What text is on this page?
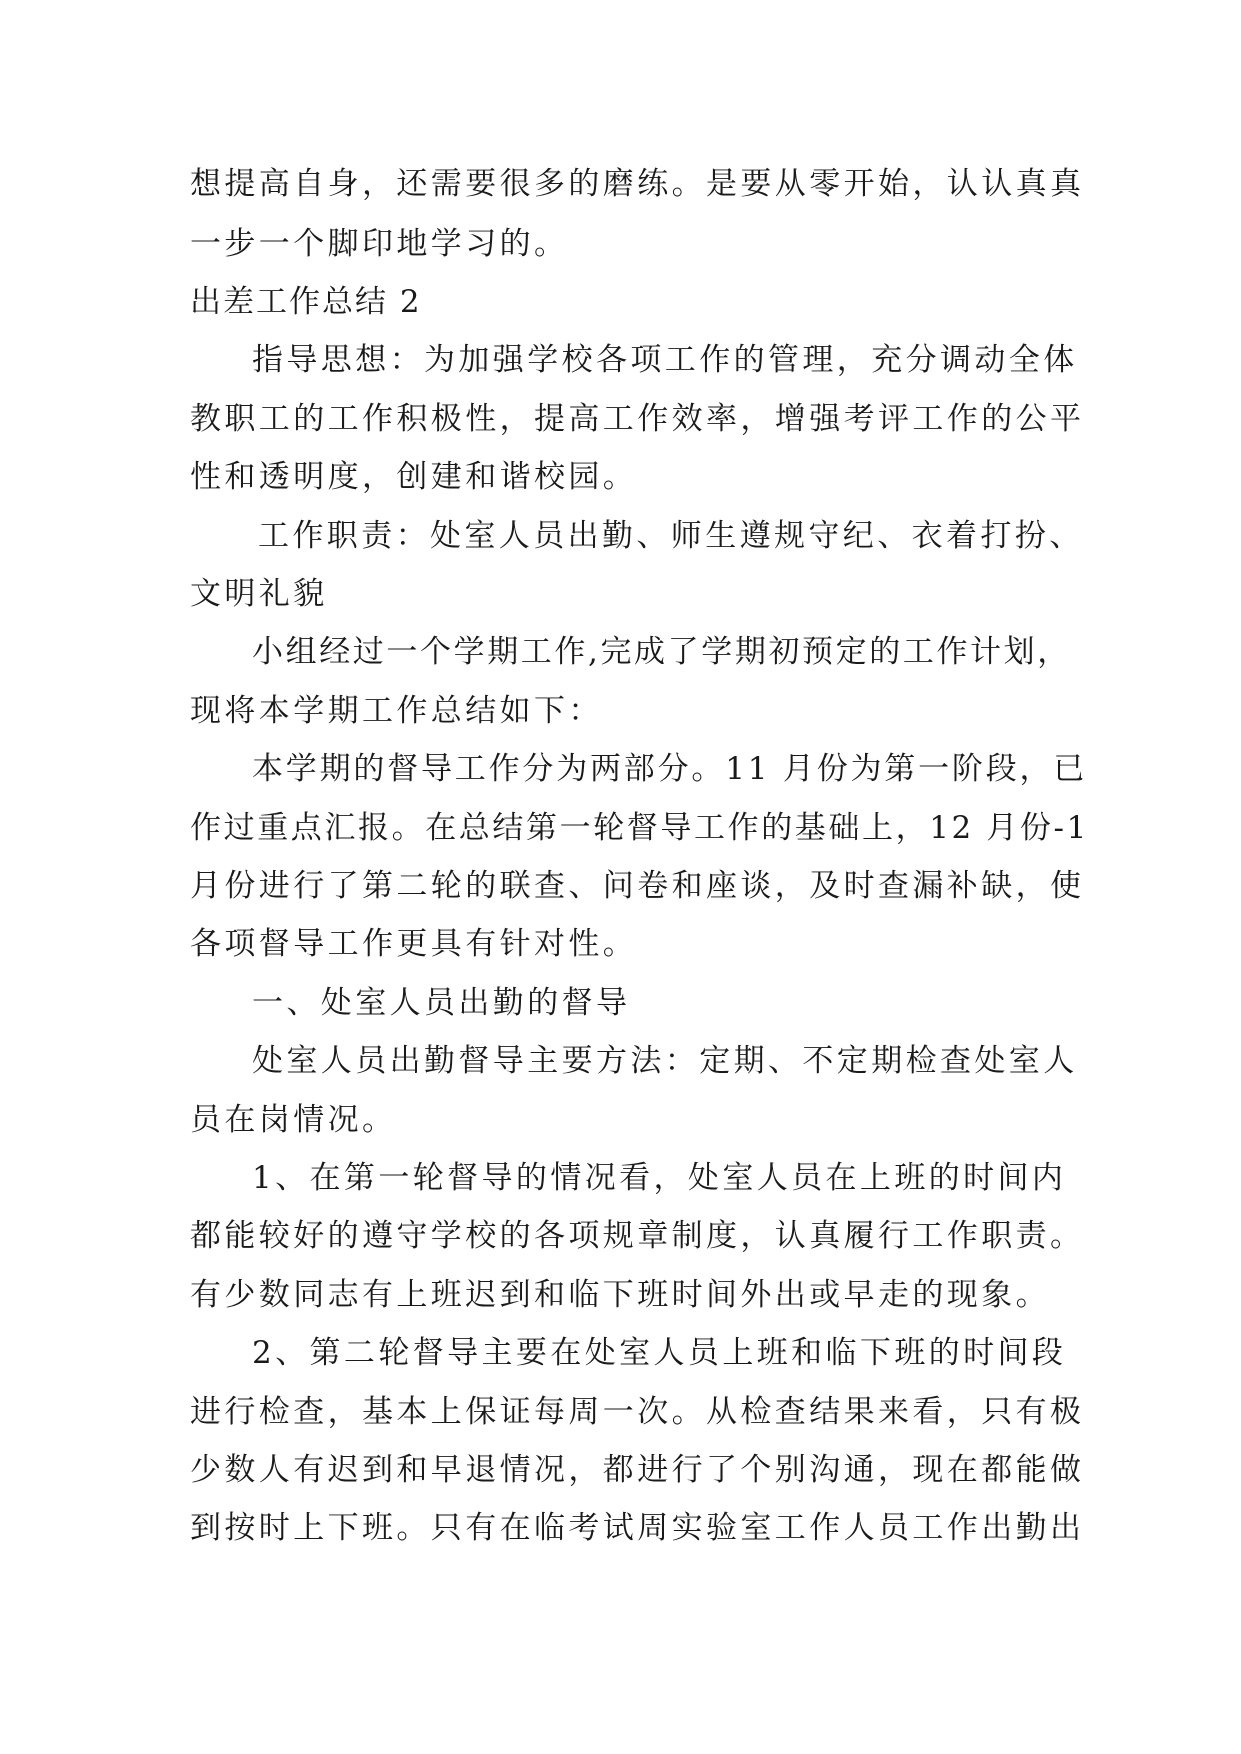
想提高自身，还需要很多的磨练。是要从零开始，认认真真
一步一个脚印地学习的。
出差工作总结 2
指导思想：为加强学校各项工作的管理，充分调动全体
教职工的工作积极性，提高工作效率，增强考评工作的公平
性和透明度，创建和谐校园。
工作职责：处室人员出勤、师生遵规守纪、衣着打扮、
文明礼貌
小组经过一个学期工作,完成了学期初预定的工作计划，
现将本学期工作总结如下：
本学期的督导工作分为两部分。11 月份为第一阶段，已
作过重点汇报。在总结第一轮督导工作的基础上，12 月份-1
月份进行了第二轮的联查、问卷和座谈，及时查漏补缺，使
各项督导工作更具有针对性。
一、处室人员出勤的督导
处室人员出勤督导主要方法：定期、不定期检查处室人
员在岗情况。
1、在第一轮督导的情况看，处室人员在上班的时间内
都能较好的遵守学校的各项规章制度，认真履行工作职责。
有少数同志有上班迟到和临下班时间外出或早走的现象。
2、第二轮督导主要在处室人员上班和临下班的时间段
进行检查，基本上保证每周一次。从检查结果来看，只有极
少数人有迟到和早退情况，都进行了个别沟通，现在都能做
到按时上下班。只有在临考试周实验室工作人员工作出勤出
